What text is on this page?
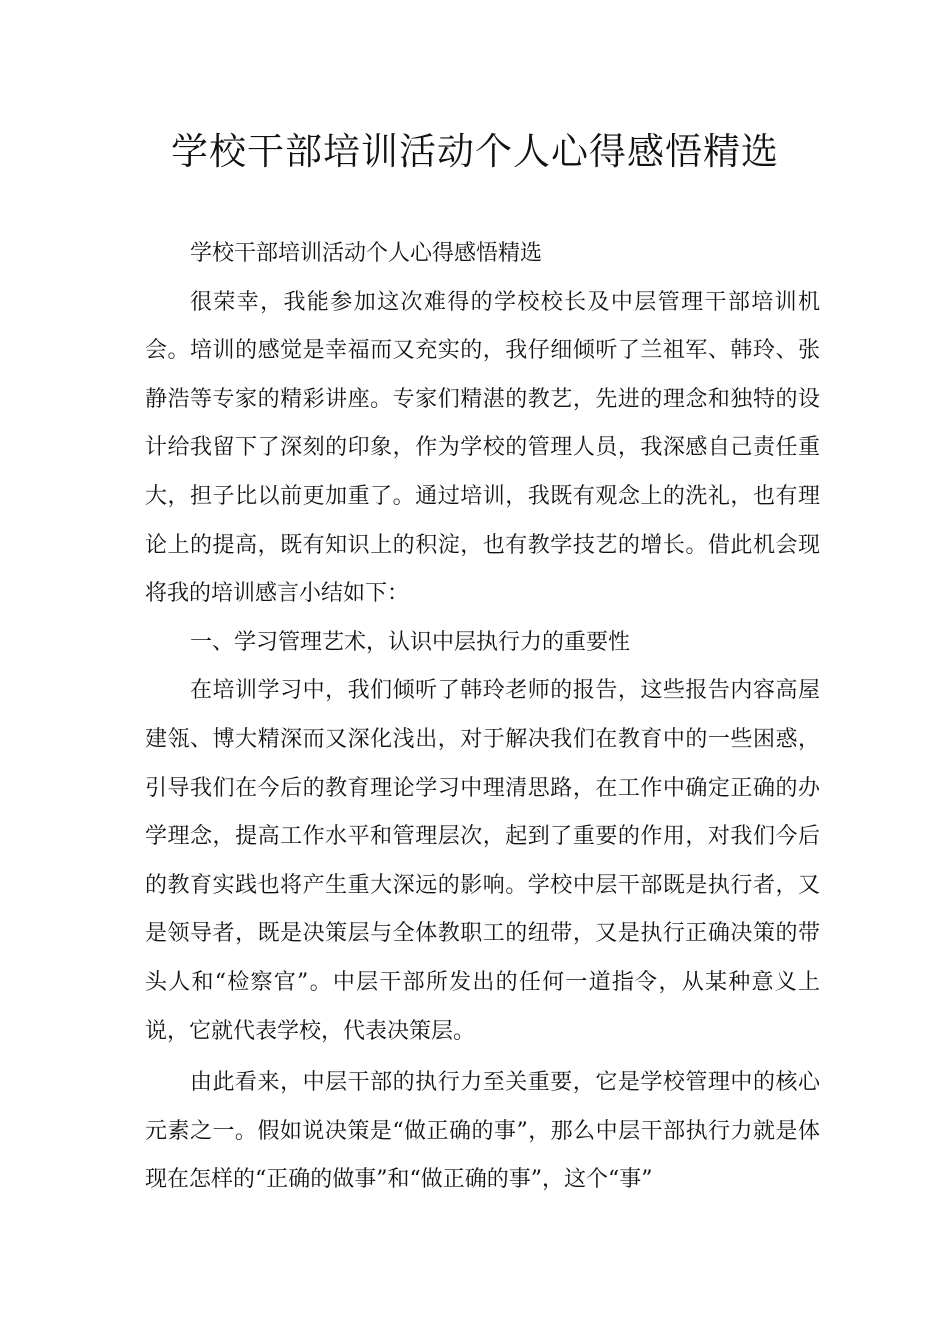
学校干部培训活动个人心得感悟精选

学校干部培训活动个人心得感悟精选

很荣幸，我能参加这次难得的学校校长及中层管理干部培训机会。培训的感觉是幸福而又充实的，我仔细倾听了兰祖军、韩玲、张静浩等专家的精彩讲座。专家们精湛的教艺，先进的理念和独特的设计给我留下了深刻的印象，作为学校的管理人员，我深感自己责任重大，担子比以前更加重了。通过培训，我既有观念上的洗礼，也有理论上的提高，既有知识上的积淀，也有教学技艺的增长。借此机会现将我的培训感言小结如下：

一、学习管理艺术，认识中层执行力的重要性

在培训学习中，我们倾听了韩玲老师的报告，这些报告内容高屋建瓴、博大精深而又深化浅出，对于解决我们在教育中的一些困惑，引导我们在今后的教育理论学习中理清思路，在工作中确定正确的办学理念，提高工作水平和管理层次，起到了重要的作用，对我们今后的教育实践也将产生重大深远的影响。学校中层干部既是执行者，又是领导者，既是决策层与全体教职工的纽带，又是执行正确决策的带头人和“检察官”。中层干部所发出的任何一道指令，从某种意义上说，它就代表学校，代表决策层。

由此看来，中层干部的执行力至关重要，它是学校管理中的核心元素之一。假如说决策是“做正确的事”，那么中层干部执行力就是体现在怎样的“正确的做事”和“做正确的事”，这个“事”
